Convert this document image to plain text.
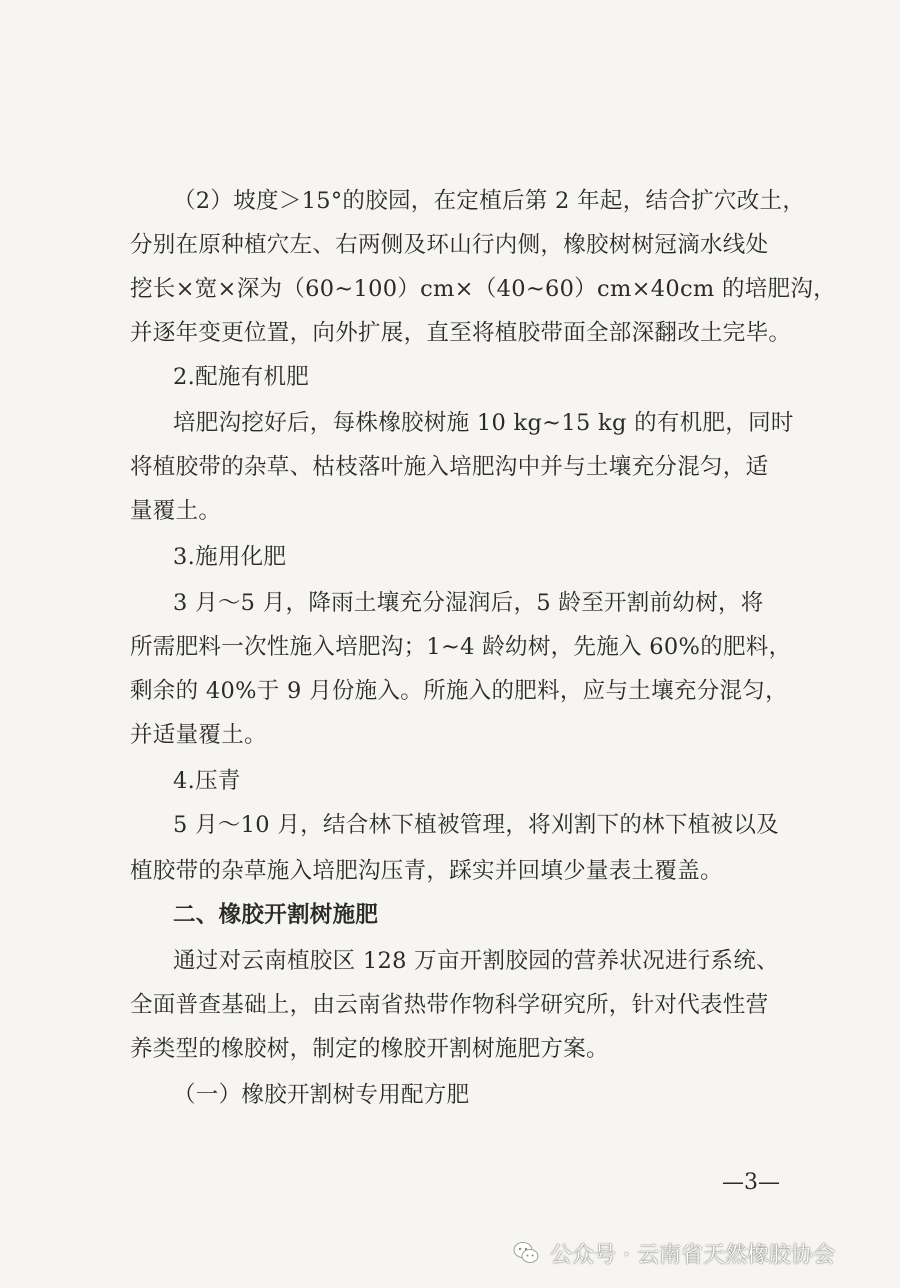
（2）坡度＞15°的胶园，在定植后第 2 年起，结合扩穴改土，
分别在原种植穴左、右两侧及环山行内侧，橡胶树树冠滴水线处
挖长×宽×深为（60~100）cm×（40~60）cm×40cm 的培肥沟，
并逐年变更位置，向外扩展，直至将植胶带面全部深翻改土完毕。
2.配施有机肥
培肥沟挖好后，每株橡胶树施 10 kg~15 kg 的有机肥，同时
将植胶带的杂草、枯枝落叶施入培肥沟中并与土壤充分混匀，适
量覆土。
3.施用化肥
3 月～5 月，降雨土壤充分湿润后，5 龄至开割前幼树，将
所需肥料一次性施入培肥沟；1~4 龄幼树，先施入 60%的肥料，
剩余的 40%于 9 月份施入。所施入的肥料，应与土壤充分混匀，
并适量覆土。
4.压青
5 月～10 月，结合林下植被管理，将刈割下的林下植被以及
植胶带的杂草施入培肥沟压青，踩实并回填少量表土覆盖。
二、橡胶开割树施肥
通过对云南植胶区 128 万亩开割胶园的营养状况进行系统、
全面普查基础上，由云南省热带作物科学研究所，针对代表性营
养类型的橡胶树，制定的橡胶开割树施肥方案。
（一）橡胶开割树专用配方肥
—3—
公众号 · 云南省天然橡胶协会
